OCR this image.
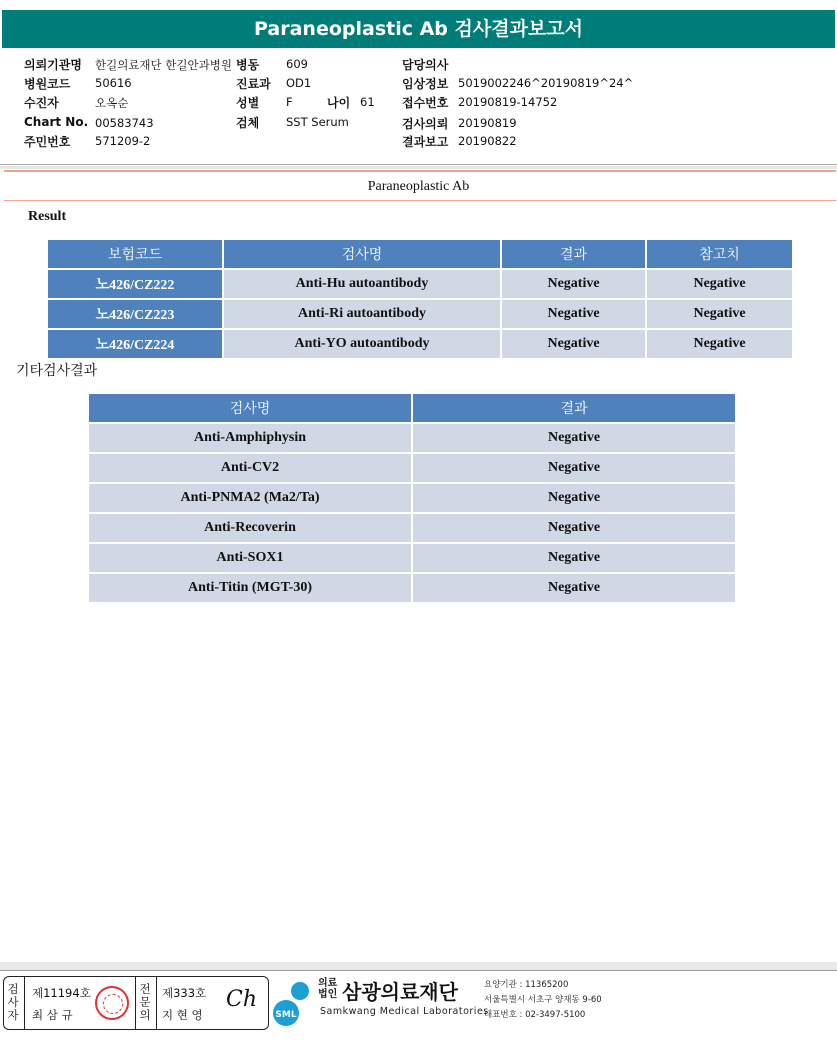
Paraneoplastic Ab 검사결과보고서
의뢰기관명 한길의료재단 한길안과병원 병동 609	담당의사
병원코드 50616	진료과 OD1	임상정보 5019002246^20190819^24^
수진자	오옥순	성별 F	나이 61 접수번호 20190819-14752
Chart No. 00583743	검체 SST Serum	검사의뢰 20190819
주민번호 571209-2	결과보고 20190822
Paraneoplastic Ab
Result
보험코드	검사명	결과	참고치
노426/CZ222	Anti-Hu autoantibody	Negative	Negative
노426/CZ223	Anti-Ri autoantibody	Negative	Negative
노426/CZ224	Anti-YO autoantibody	Negative	Negative
기타검사결과
검사명	결과
Anti-Amphiphysin	Negative
Anti-CV2	Negative
Anti-PNMA2 (Ma2/Ta)	Negative
Anti-Recoverin	Negative
Anti-SOX1	Negative
Anti-Titin (MGT-30)	Negative
검사자
제11194호
최 삼 규
전문의
제333호
지 현 영
Ch
SML
의료법인 삼광의료재단
Samkwang Medical Laboratories
요양기관 : 11365200
서울특별시 서초구 양재동 9-60
대표번호 : 02-3497-5100
